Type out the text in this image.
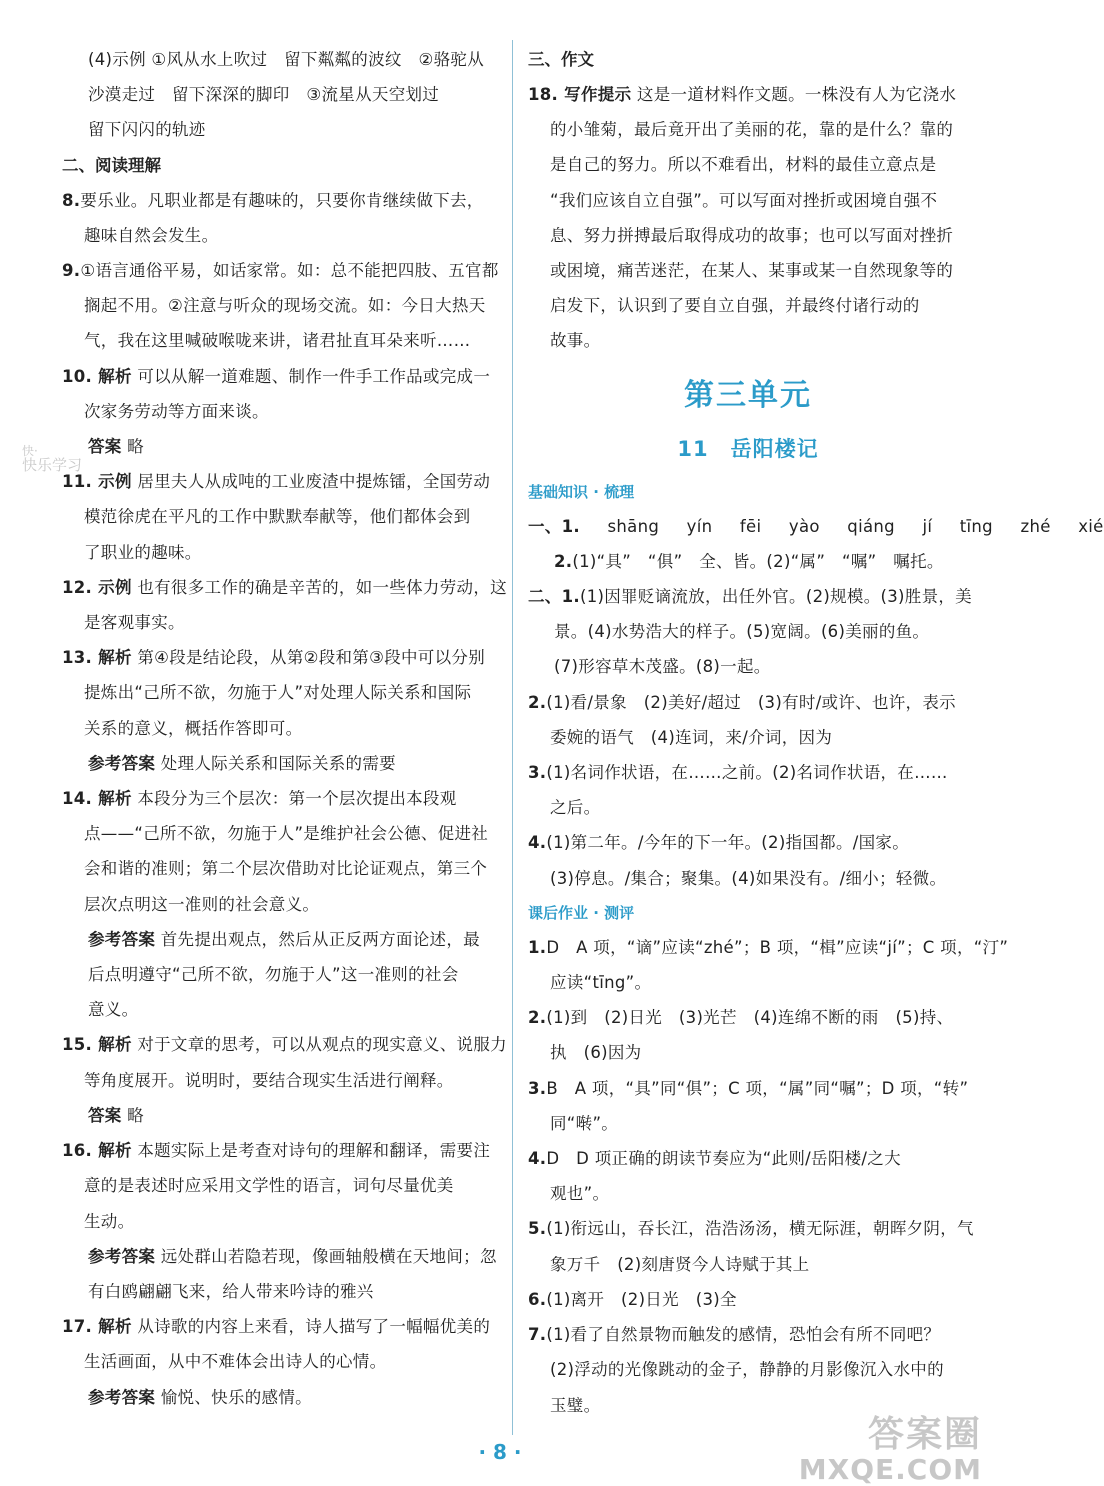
(4)示例 ①风从水上吹过　留下粼粼的波纹　②骆驼从
沙漠走过　留下深深的脚印　③流星从天空划过
留下闪闪的轨迹
二、阅读理解
8.要乐业。凡职业都是有趣味的，只要你肯继续做下去，
趣味自然会发生。
9.①语言通俗平易，如话家常。如：总不能把四肢、五官都
搁起不用。②注意与听众的现场交流。如：今日大热天
气，我在这里喊破喉咙来讲，诸君扯直耳朵来听……
10. 解析 可以从解一道难题、制作一件手工作品或完成一
次家务劳动等方面来谈。
答案 略
11. 示例 居里夫人从成吨的工业废渣中提炼镭，全国劳动
模范徐虎在平凡的工作中默默奉献等，他们都体会到
了职业的趣味。
12. 示例 也有很多工作的确是辛苦的，如一些体力劳动，这
是客观事实。
13. 解析 第④段是结论段，从第②段和第③段中可以分别
提炼出“己所不欲，勿施于人”对处理人际关系和国际
关系的意义，概括作答即可。
参考答案 处理人际关系和国际关系的需要
14. 解析 本段分为三个层次：第一个层次提出本段观
点——“己所不欲，勿施于人”是维护社会公德、促进社
会和谐的准则；第二个层次借助对比论证观点，第三个
层次点明这一准则的社会意义。
参考答案 首先提出观点，然后从正反两方面论述，最
后点明遵守“己所不欲，勿施于人”这一准则的社会
意义。
15. 解析 对于文章的思考，可以从观点的现实意义、说服力
等角度展开。说明时，要结合现实生活进行阐释。
答案 略
16. 解析 本题实际上是考查对诗句的理解和翻译，需要注
意的是表述时应采用文学性的语言，词句尽量优美
生动。
参考答案 远处群山若隐若现，像画轴般横在天地间；忽
有白鸥翩翩飞来，给人带来吟诗的雅兴
17. 解析 从诗歌的内容上来看，诗人描写了一幅幅优美的
生活画面，从中不难体会出诗人的心情。
参考答案 愉悦、快乐的感情。
三、作文
18. 写作提示 这是一道材料作文题。一株没有人为它浇水
的小雏菊，最后竟开出了美丽的花，靠的是什么？靠的
是自己的努力。所以不难看出，材料的最佳立意点是
“我们应该自立自强”。可以写面对挫折或困境自强不
息、努力拼搏最后取得成功的故事；也可以写面对挫折
或困境，痛苦迷茫，在某人、某事或某一自然现象等的
启发下，认识到了要自立自强，并最终付诸行动的
故事。
第三单元
11 岳阳楼记
基础知识 · 梳理
一、1. shāng yín fēi yào qiáng jí tīng zhé xié
2.(1)“具”　“俱”　全、皆。(2)“属”　“嘱”　嘱托。
二、1.(1)因罪贬谪流放，出任外官。(2)规模。(3)胜景，美
景。(4)水势浩大的样子。(5)宽阔。(6)美丽的鱼。
(7)形容草木茂盛。(8)一起。
2.(1)看/景象　(2)美好/超过　(3)有时/或许、也许，表示
委婉的语气　(4)连词，来/介词，因为
3.(1)名词作状语，在……之前。(2)名词作状语，在……
之后。
4.(1)第二年。/今年的下一年。(2)指国都。/国家。
(3)停息。/集合；聚集。(4)如果没有。/细小；轻微。
课后作业 · 测评
1.D　A 项，“谪”应读“zhé”；B 项，“楫”应读“jí”；C 项，“汀”
应读“tīng”。
2.(1)到　(2)日光　(3)光芒　(4)连绵不断的雨　(5)持、
执　(6)因为
3.B　A 项，“具”同“俱”；C 项，“属”同“嘱”；D 项，“转”
同“啭”。
4.D　D 项正确的朗读节奏应为“此则/岳阳楼/之大
观也”。
5.(1)衔远山，吞长江，浩浩汤汤，横无际涯，朝晖夕阴，气
象万千　(2)刻唐贤今人诗赋于其上
6.(1)离开　(2)日光　(3)全
7.(1)看了自然景物而触发的感情，恐怕会有所不同吧？
(2)浮动的光像跳动的金子，静静的月影像沉入水中的
玉璧。
快·
快乐学习
· 8 ·	答案圈
MXQE.COM
